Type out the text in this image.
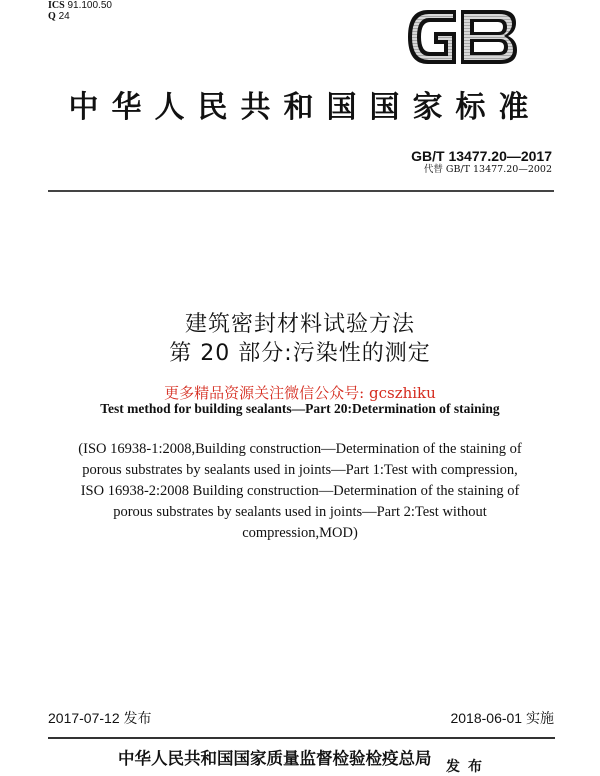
ICS 91.100.50
Q 24
中华人民共和国国家标准
GB/T 13477.20—2017
代替 GB/T 13477.20—2002
建筑密封材料试验方法
第 20 部分:污染性的测定
更多精品资源关注微信公众号: gcszhiku
Test method for building sealants—Part 20:Determination of staining
(ISO 16938-1:2008,Building construction—Determination of the staining of
porous substrates by sealants used in joints—Part 1:Test with compression,
ISO 16938-2:2008 Building construction—Determination of the staining of
porous substrates by sealants used in joints—Part 2:Test without
compression,MOD)
2017-07-12 发布	2018-06-01 实施
中华人民共和国国家质量监督检验检疫总局 发布
